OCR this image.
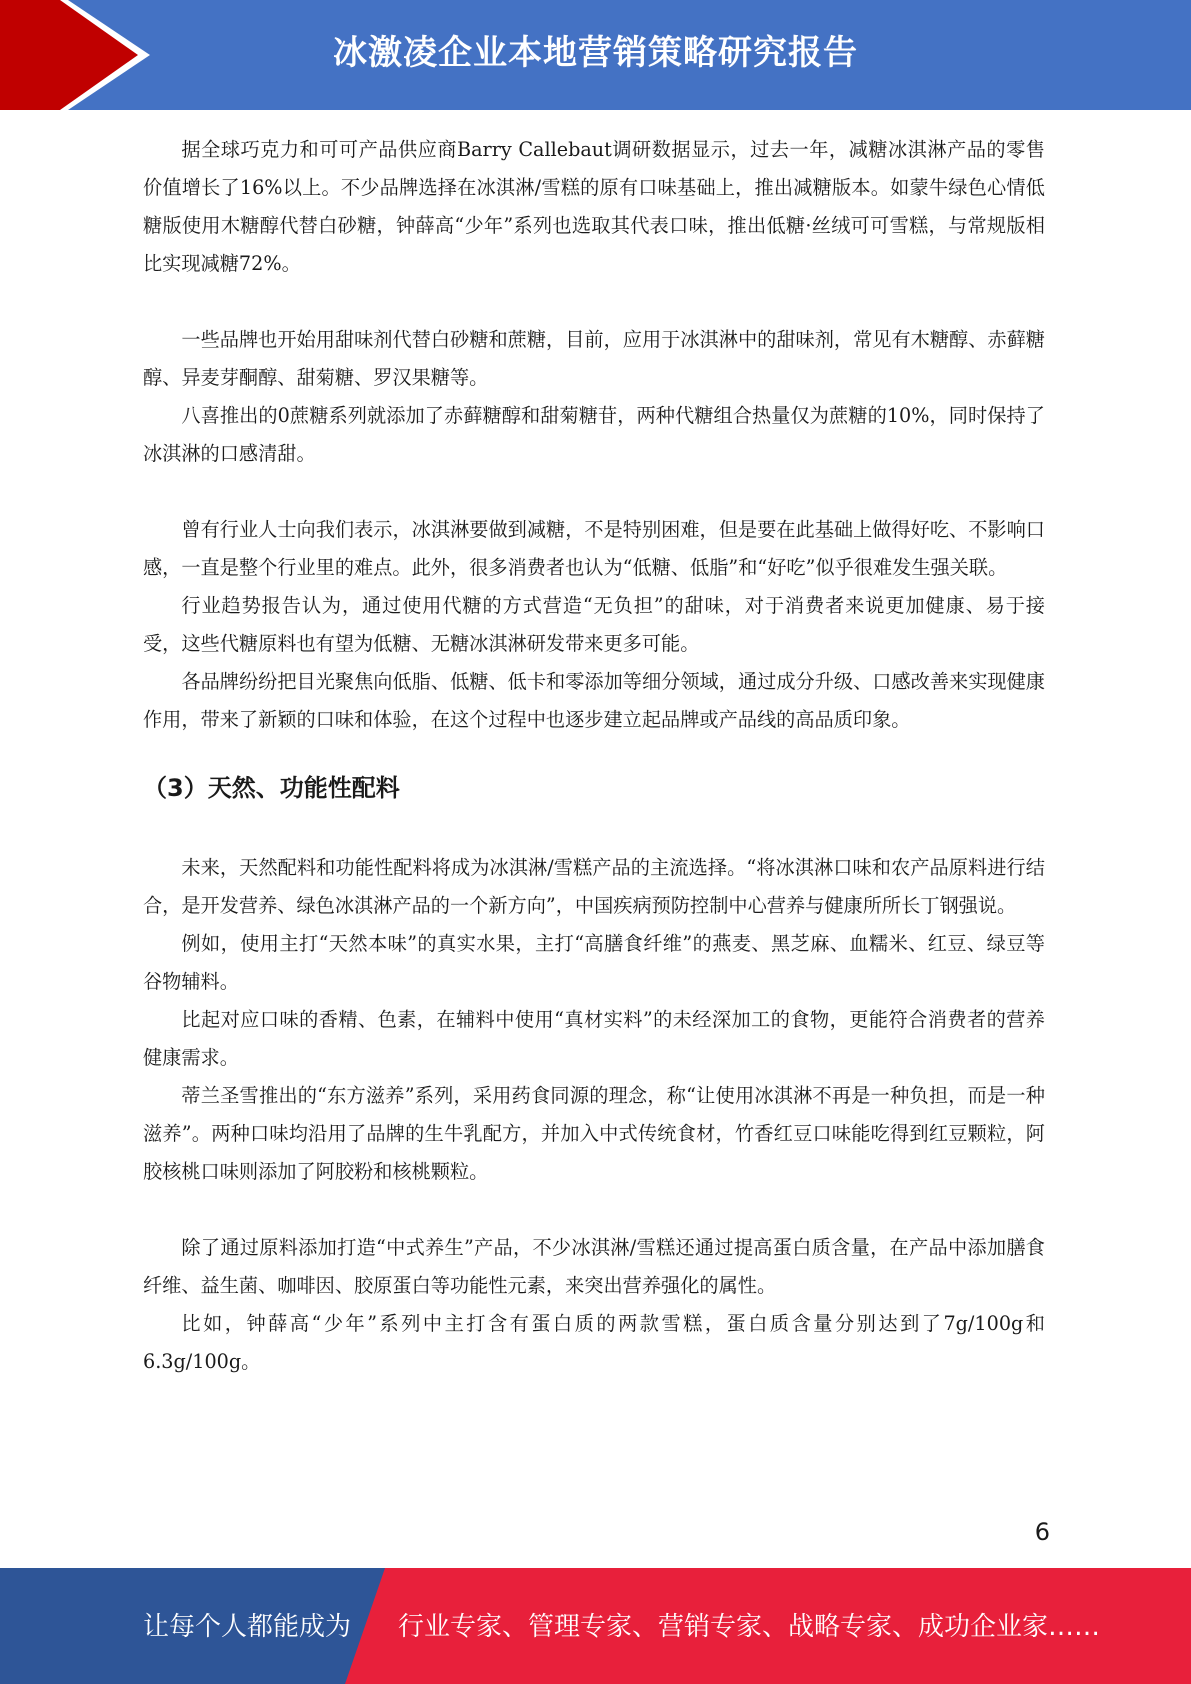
冰激凌企业本地营销策略研究报告

据全球巧克力和可可产品供应商Barry Callebaut调研数据显示，过去一年，减糖冰淇淋产品的零售价值增长了16%以上。不少品牌选择在冰淇淋/雪糕的原有口味基础上，推出减糖版本。如蒙牛绿色心情低糖版使用木糖醇代替白砂糖，钟薛高“少年”系列也选取其代表口味，推出低糖·丝绒可可雪糕，与常规版相比实现减糖72%。

一些品牌也开始用甜味剂代替白砂糖和蔗糖，目前，应用于冰淇淋中的甜味剂，常见有木糖醇、赤藓糖醇、异麦芽酮醇、甜菊糖、罗汉果糖等。

八喜推出的0蔗糖系列就添加了赤藓糖醇和甜菊糖苷，两种代糖组合热量仅为蔗糖的10%，同时保持了冰淇淋的口感清甜。

曾有行业人士向我们表示，冰淇淋要做到减糖，不是特别困难，但是要在此基础上做得好吃、不影响口感，一直是整个行业里的难点。此外，很多消费者也认为“低糖、低脂”和“好吃”似乎很难发生强关联。

行业趋势报告认为，通过使用代糖的方式营造“无负担”的甜味，对于消费者来说更加健康、易于接受，这些代糖原料也有望为低糖、无糖冰淇淋研发带来更多可能。

各品牌纷纷把目光聚焦向低脂、低糖、低卡和零添加等细分领域，通过成分升级、口感改善来实现健康作用，带来了新颖的口味和体验，在这个过程中也逐步建立起品牌或产品线的高品质印象。

（3）天然、功能性配料

未来，天然配料和功能性配料将成为冰淇淋/雪糕产品的主流选择。“将冰淇淋口味和农产品原料进行结合，是开发营养、绿色冰淇淋产品的一个新方向”，中国疾病预防控制中心营养与健康所所长丁钢强说。

例如，使用主打“天然本味”的真实水果，主打“高膳食纤维”的燕麦、黑芝麻、血糯米、红豆、绿豆等谷物辅料。

比起对应口味的香精、色素，在辅料中使用“真材实料”的未经深加工的食物，更能符合消费者的营养健康需求。

蒂兰圣雪推出的“东方滋养”系列，采用药食同源的理念，称“让使用冰淇淋不再是一种负担，而是一种滋养”。两种口味均沿用了品牌的生牛乳配方，并加入中式传统食材，竹香红豆口味能吃得到红豆颗粒，阿胶核桃口味则添加了阿胶粉和核桃颗粒。

除了通过原料添加打造“中式养生”产品，不少冰淇淋/雪糕还通过提高蛋白质含量，在产品中添加膳食纤维、益生菌、咖啡因、胶原蛋白等功能性元素，来突出营养强化的属性。

比如，钟薛高“少年”系列中主打含有蛋白质的两款雪糕，蛋白质含量分别达到了7g/100g和6.3g/100g。

6
让每个人都能成为 行业专家、管理专家、营销专家、战略专家、成功企业家……
